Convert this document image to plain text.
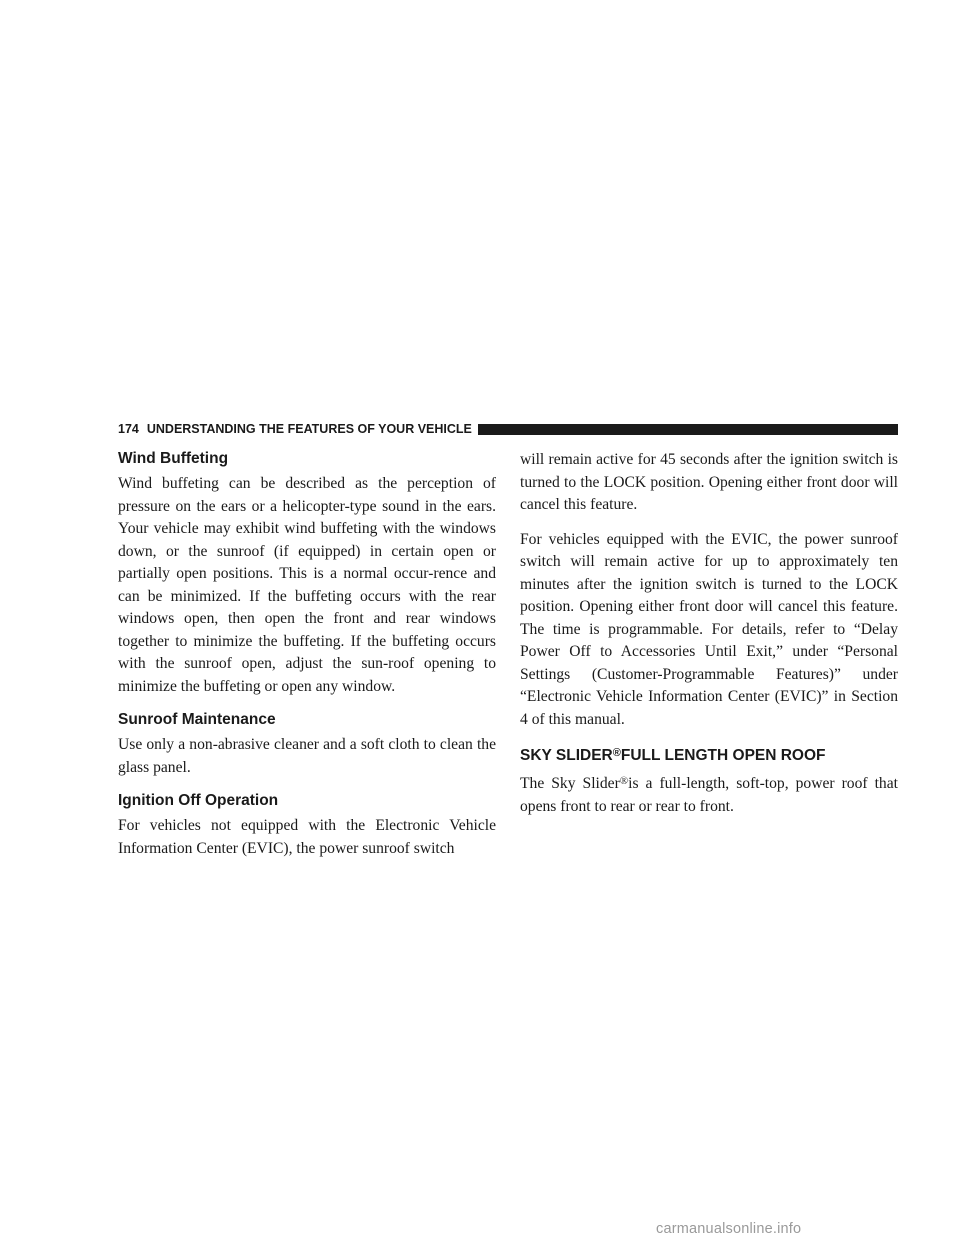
174 UNDERSTANDING THE FEATURES OF YOUR VEHICLE
Wind Buffeting

Wind buffeting can be described as the perception of pressure on the ears or a helicopter-type sound in the ears. Your vehicle may exhibit wind buffeting with the windows down, or the sunroof (if equipped) in certain open or partially open positions. This is a normal occur-rence and can be minimized. If the buffeting occurs with the rear windows open, then open the front and rear windows together to minimize the buffeting. If the buffeting occurs with the sunroof open, adjust the sun-roof opening to minimize the buffeting or open any window.

Sunroof Maintenance

Use only a non-abrasive cleaner and a soft cloth to clean the glass panel.

Ignition Off Operation

For vehicles not equipped with the Electronic Vehicle Information Center (EVIC), the power sunroof switch

will remain active for 45 seconds after the ignition switch is turned to the LOCK position. Opening either front door will cancel this feature.

For vehicles equipped with the EVIC, the power sunroof switch will remain active for up to approximately ten minutes after the ignition switch is turned to the LOCK position. Opening either front door will cancel this feature. The time is programmable. For details, refer to “Delay Power Off to Accessories Until Exit,” under “Personal Settings (Customer-Programmable Features)” under “Electronic Vehicle Information Center (EVIC)” in Section 4 of this manual.

SKY SLIDER®FULL LENGTH OPEN ROOF

The Sky Slider®is a full-length, soft-top, power roof that opens front to rear or rear to front.

carmanualsonline.info
